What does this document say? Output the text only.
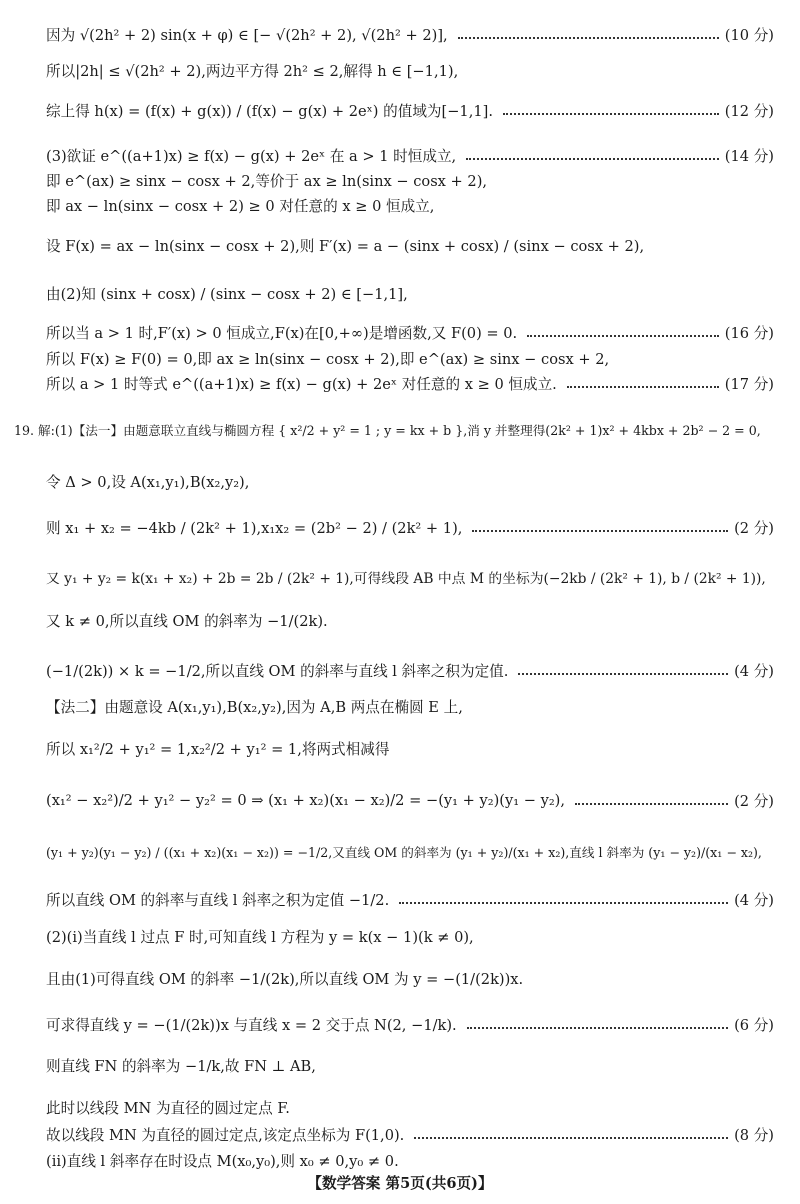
因为 √(2h² + 2) sin(x + φ) ∈ [− √(2h² + 2), √(2h² + 2)],	(10 分)
所以|2h| ≤ √(2h² + 2),两边平方得 2h² ≤ 2,解得 h ∈ [−1,1),
综上得 h(x) = (f(x) + g(x)) / (f(x) − g(x) + 2eˣ) 的值域为[−1,1].	(12 分)
(3)欲证 e^((a+1)x) ≥ f(x) − g(x) + 2eˣ 在 a > 1 时恒成立,	(14 分)
即 e^(ax) ≥ sinx − cosx + 2,等价于 ax ≥ ln(sinx − cosx + 2),
即 ax − ln(sinx − cosx + 2) ≥ 0 对任意的 x ≥ 0 恒成立,
设 F(x) = ax − ln(sinx − cosx + 2),则 F′(x) = a − (sinx + cosx) / (sinx − cosx + 2),
由(2)知 (sinx + cosx) / (sinx − cosx + 2) ∈ [−1,1],
所以当 a > 1 时,F′(x) > 0 恒成立,F(x)在[0,+∞)是增函数,又 F(0) = 0.	(16 分)
所以 F(x) ≥ F(0) = 0,即 ax ≥ ln(sinx − cosx + 2),即 e^(ax) ≥ sinx − cosx + 2,
所以 a > 1 时等式 e^((a+1)x) ≥ f(x) − g(x) + 2eˣ 对任意的 x ≥ 0 恒成立.	(17 分)
19. 解:(1)【法一】由题意联立直线与椭圆方程 { x²/2 + y² = 1 ; y = kx + b },消 y 并整理得(2k² + 1)x² + 4kbx + 2b² − 2 = 0,
令 Δ > 0,设 A(x₁,y₁),B(x₂,y₂),
则 x₁ + x₂ = −4kb / (2k² + 1),x₁x₂ = (2b² − 2) / (2k² + 1),	(2 分)
又 y₁ + y₂ = k(x₁ + x₂) + 2b = 2b / (2k² + 1),可得线段 AB 中点 M 的坐标为(−2kb / (2k² + 1), b / (2k² + 1)),
又 k ≠ 0,所以直线 OM 的斜率为 −1/(2k).
(−1/(2k)) × k = −1/2,所以直线 OM 的斜率与直线 l 斜率之积为定值.	(4 分)
【法二】由题意设 A(x₁,y₁),B(x₂,y₂),因为 A,B 两点在椭圆 E 上,
所以 x₁²/2 + y₁² = 1,x₂²/2 + y₁² = 1,将两式相减得
(x₁² − x₂²)/2 + y₁² − y₂² = 0 ⇒ (x₁ + x₂)(x₁ − x₂)/2 = −(y₁ + y₂)(y₁ − y₂),	(2 分)
(y₁ + y₂)(y₁ − y₂) / ((x₁ + x₂)(x₁ − x₂)) = −1/2,又直线 OM 的斜率为 (y₁ + y₂)/(x₁ + x₂),直线 l 斜率为 (y₁ − y₂)/(x₁ − x₂),
所以直线 OM 的斜率与直线 l 斜率之积为定值 −1/2.	(4 分)
(2)(ⅰ)当直线 l 过点 F 时,可知直线 l 方程为 y = k(x − 1)(k ≠ 0),
且由(1)可得直线 OM 的斜率 −1/(2k),所以直线 OM 为 y = −(1/(2k))x.
可求得直线 y = −(1/(2k))x 与直线 x = 2 交于点 N(2, −1/k).	(6 分)
则直线 FN 的斜率为 −1/k,故 FN ⊥ AB,
此时以线段 MN 为直径的圆过定点 F.
故以线段 MN 为直径的圆过定点,该定点坐标为 F(1,0).	(8 分)
(ⅱ)直线 l 斜率存在时设点 M(x₀,y₀),则 x₀ ≠ 0,y₀ ≠ 0.
【数学答案 第5页(共6页)】
